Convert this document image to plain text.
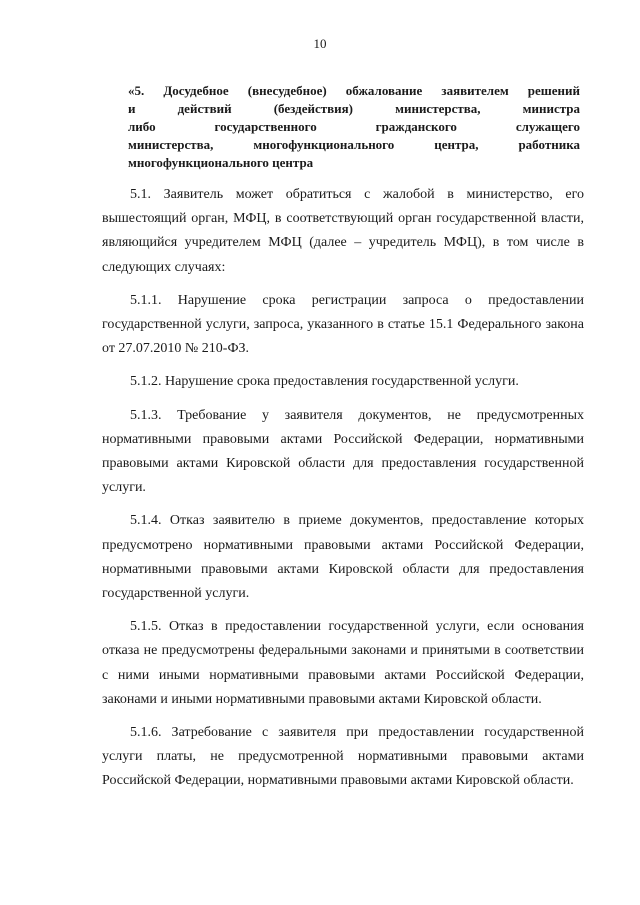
10
«5. Досудебное (внесудебное) обжалование заявителем решений
и действий (бездействия) министерства, министра
либо государственного гражданского служащего
министерства, многофункционального центра, работника
многофункционального центра

5.1. Заявитель может обратиться с жалобой в министерство, его вышестоящий орган, МФЦ, в соответствующий орган государственной власти, являющийся учредителем МФЦ (далее – учредитель МФЦ), в том числе в следующих случаях:

5.1.1. Нарушение срока регистрации запроса о предоставлении государственной услуги, запроса, указанного в статье 15.1 Федерального закона от 27.07.2010 № 210-ФЗ.

5.1.2. Нарушение срока предоставления государственной услуги.

5.1.3. Требование у заявителя документов, не предусмотренных нормативными правовыми актами Российской Федерации, нормативными правовыми актами Кировской области для предоставления государственной услуги.

5.1.4. Отказ заявителю в приеме документов, предоставление которых предусмотрено нормативными правовыми актами Российской Федерации, нормативными правовыми актами Кировской области для предоставления государственной услуги.

5.1.5. Отказ в предоставлении государственной услуги, если основания отказа не предусмотрены федеральными законами и принятыми в соответствии с ними иными нормативными правовыми актами Российской Федерации, законами и иными нормативными правовыми актами Кировской области.

5.1.6. Затребование с заявителя при предоставлении государственной услуги платы, не предусмотренной нормативными правовыми актами Российской Федерации, нормативными правовыми актами Кировской области.
